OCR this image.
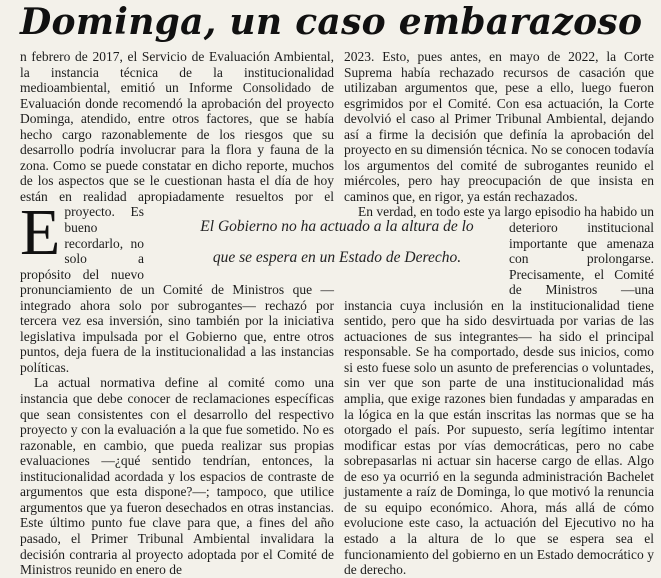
Dominga, un caso embarazoso

E
n febrero de 2017, el Servicio de Evaluación Ambiental, la instancia técnica de la institucionalidad medioambiental, emitió un Informe Consolidado de Evaluación donde recomendó la aprobación del proyecto Dominga, atendido, entre otros factores, que se había hecho cargo razonablemente de los riesgos que su desarrollo podría involucrar para la flora y fauna de la zona. Como se puede constatar en dicho reporte, muchos de los aspectos que se le cuestionan hasta el día de hoy están en realidad apropiadamente resueltos por el proyecto. Es bueno recordarlo, no solo a propósito del nuevo pronunciamiento de un Comité de Ministros que —integrado ahora solo por subrogantes— rechazó por tercera vez esa inversión, sino también por la iniciativa legislativa impulsada por el Gobierno que, entre otros puntos, deja fuera de la institucionalidad a las instancias políticas.

La actual normativa define al comité como una instancia que debe conocer de reclamaciones específicas que sean consistentes con el desarrollo del respectivo proyecto y con la evaluación a la que fue sometido. No es razonable, en cambio, que pueda realizar sus propias evaluaciones —¿qué sentido tendrían, entonces, la institucionalidad acordada y los espacios de contraste de argumentos que esta dispone?—; tampoco, que utilice argumentos que ya fueron desechados en otras instancias. Este último punto fue clave para que, a fines del año pasado, el Primer Tribunal Ambiental invalidara la decisión contraria al proyecto adoptada por el Comité de Ministros reunido en enero de

2023. Esto, pues antes, en mayo de 2022, la Corte Suprema había rechazado recursos de casación que utilizaban argumentos que, pese a ello, luego fueron esgrimidos por el Comité. Con esa actuación, la Corte devolvió el caso al Primer Tribunal Ambiental, dejando así a firme la decisión que definía la aprobación del proyecto en su dimensión técnica. No se conocen todavía los argumentos del comité de subrogantes reunido el miércoles, pero hay preocupación de que insista en caminos que, en rigor, ya están rechazados.

En verdad, en todo este ya largo episodio ha habido un deterioro institucional importante que amenaza con prolongarse. Precisamente, el Comité de Ministros —una instancia cuya inclusión en la institucionalidad tiene sentido, pero que ha sido desvirtuada por varias de las actuaciones de sus integrantes— ha sido el principal responsable. Se ha comportado, desde sus inicios, como si esto fuese solo un asunto de preferencias o voluntades, sin ver que son parte de una institucionalidad más amplia, que exige razones bien fundadas y amparadas en la lógica en la que están inscritas las normas que se ha otorgado el país. Por supuesto, sería legítimo intentar modificar estas por vías democráticas, pero no cabe sobrepasarlas ni actuar sin hacerse cargo de ellas. Algo de eso ya ocurrió en la segunda administración Bachelet justamente a raíz de Dominga, lo que motivó la renuncia de su equipo económico. Ahora, más allá de cómo evolucione este caso, la actuación del Ejecutivo no ha estado a la altura de lo que se espera sea el funcionamiento del gobierno en un Estado democrático y de derecho.

El Gobierno no ha actuado a la altura de lo que se espera en un Estado de Derecho.
